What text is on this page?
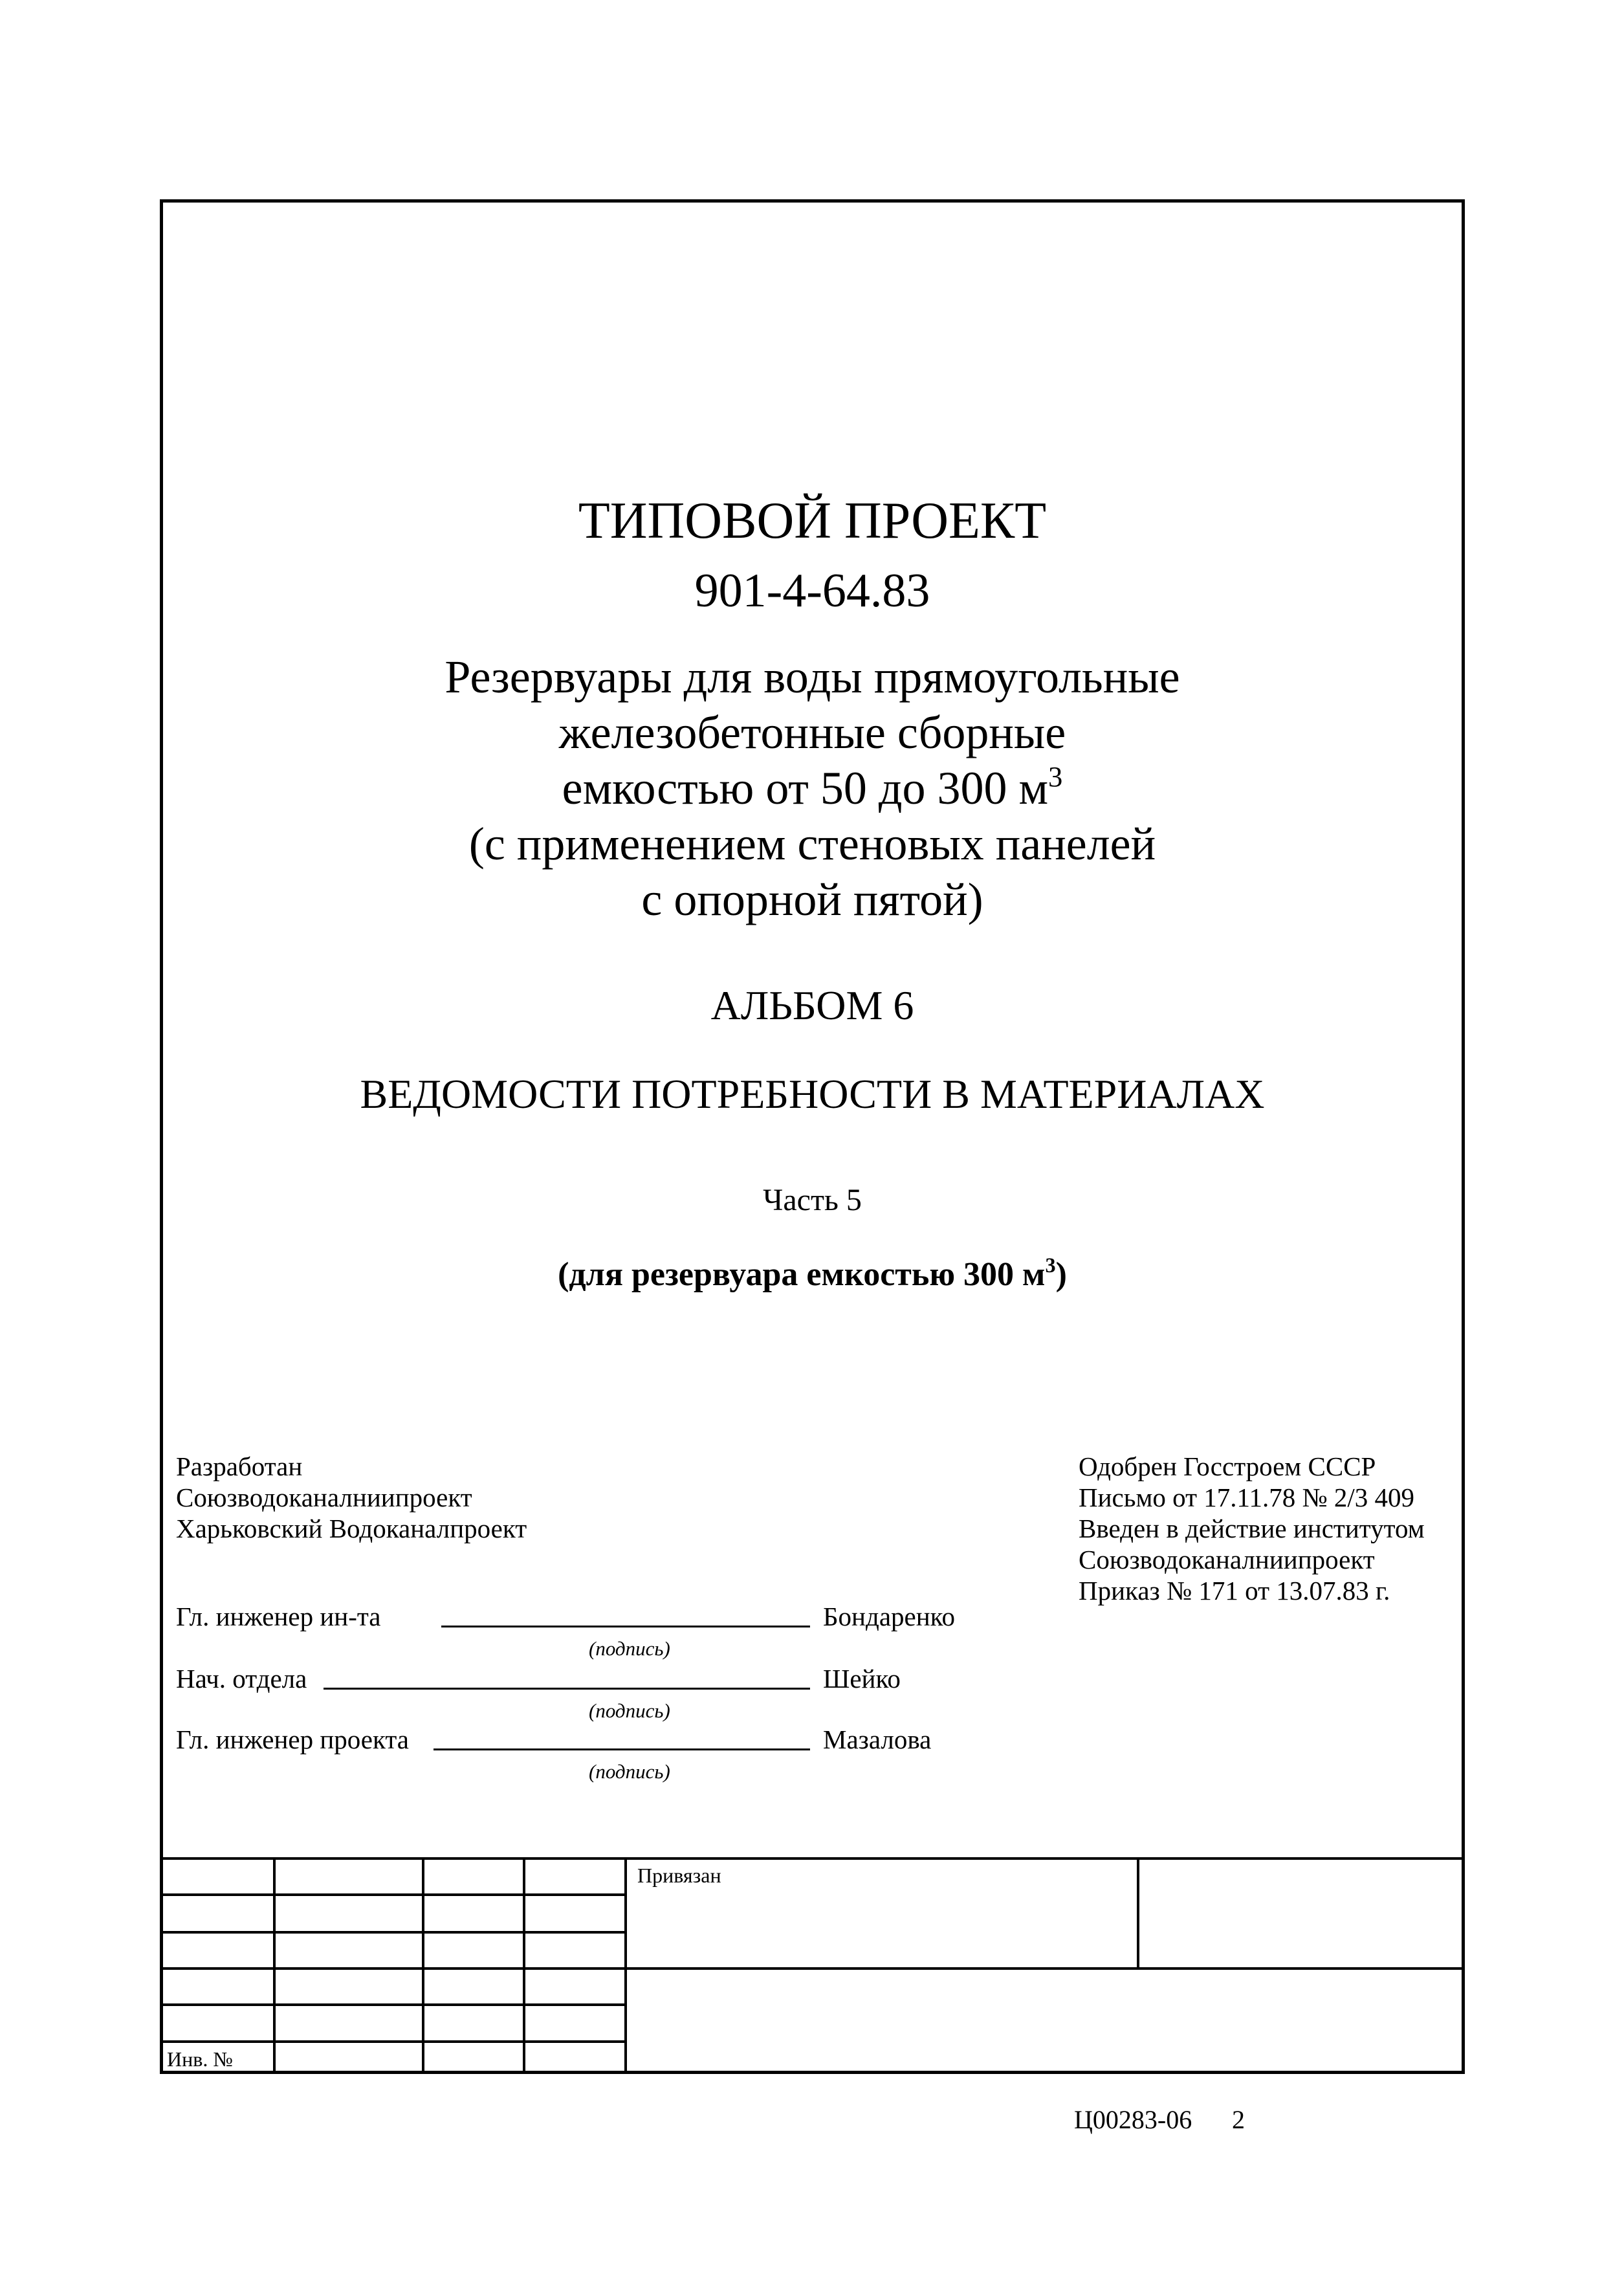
ТИПОВОЙ ПРОЕКТ
901-4-64.83
Резервуары для воды прямоугольные
железобетонные сборные
емкостью от 50 до 300 $м^3$
(с применением стеновых панелей
с опорной пятой)
АЛЬБОМ 6
ВЕДОМОСТИ ПОТРЕБНОСТИ В МАТЕРИАЛАХ
Часть 5
(для резервуара емкостью 300 $м^3$)
Разработан
Союзводоканалниипроект
Харьковский Водоканалпроект
Одобрен Госстроем СССР
Письмо от 17.11.78 № 2/3 409
Введен в действие институтом
Союзводоканалниипроект
Приказ № 171 от 13.07.83 г.
Гл. инженер ин-та	Бондаренко
(подпись)
Нач. отдела	Шейко
(подпись)
Гл. инженер проекта	Мазалова
(подпись)
Привязан
Инв. №
Ц00283-06 2
